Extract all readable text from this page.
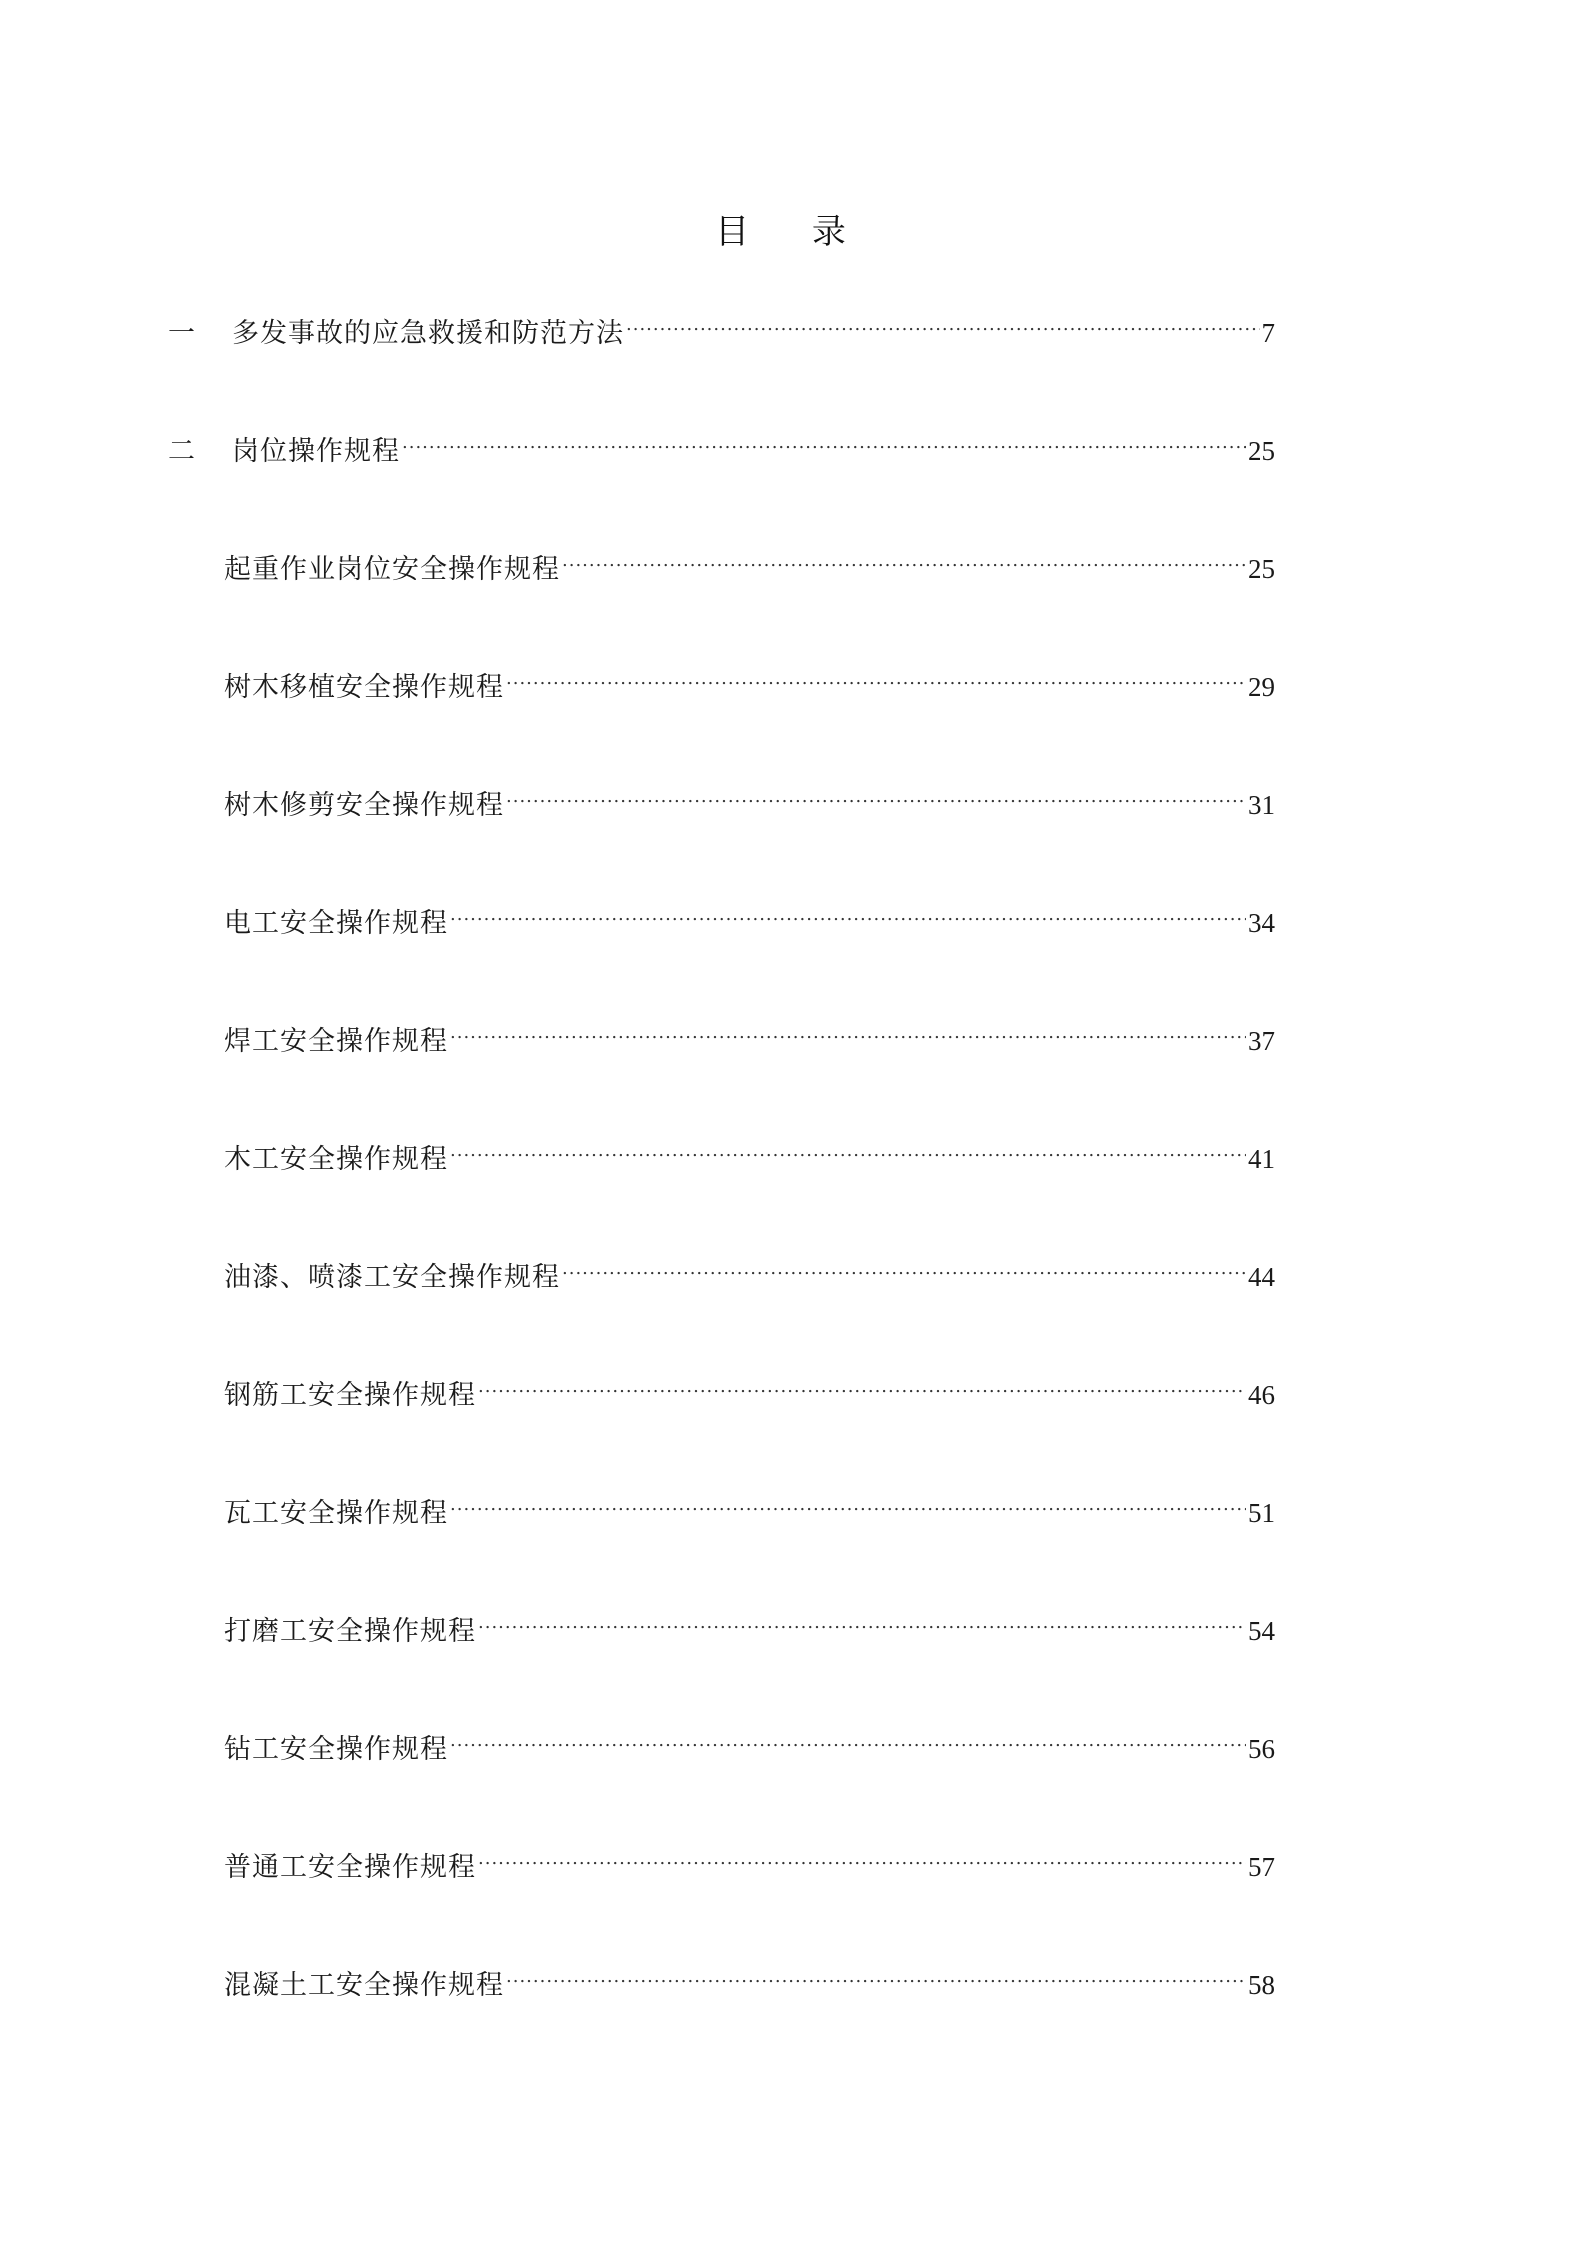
目 录
一	多发事故的应急救援和防范方法 .....	7
二	岗位操作规程 .....	25
起重作业岗位安全操作规程 .....	25
树木移植安全操作规程 .....	29
树木修剪安全操作规程 .....	31
电工安全操作规程 .....	34
焊工安全操作规程 .....	37
木工安全操作规程 .....	41
油漆、喷漆工安全操作规程 .....	44
钢筋工安全操作规程 .....	46
瓦工安全操作规程 .....	51
打磨工安全操作规程 .....	54
钻工安全操作规程 .....	56
普通工安全操作规程 .....	57
混凝土工安全操作规程 .....	58
